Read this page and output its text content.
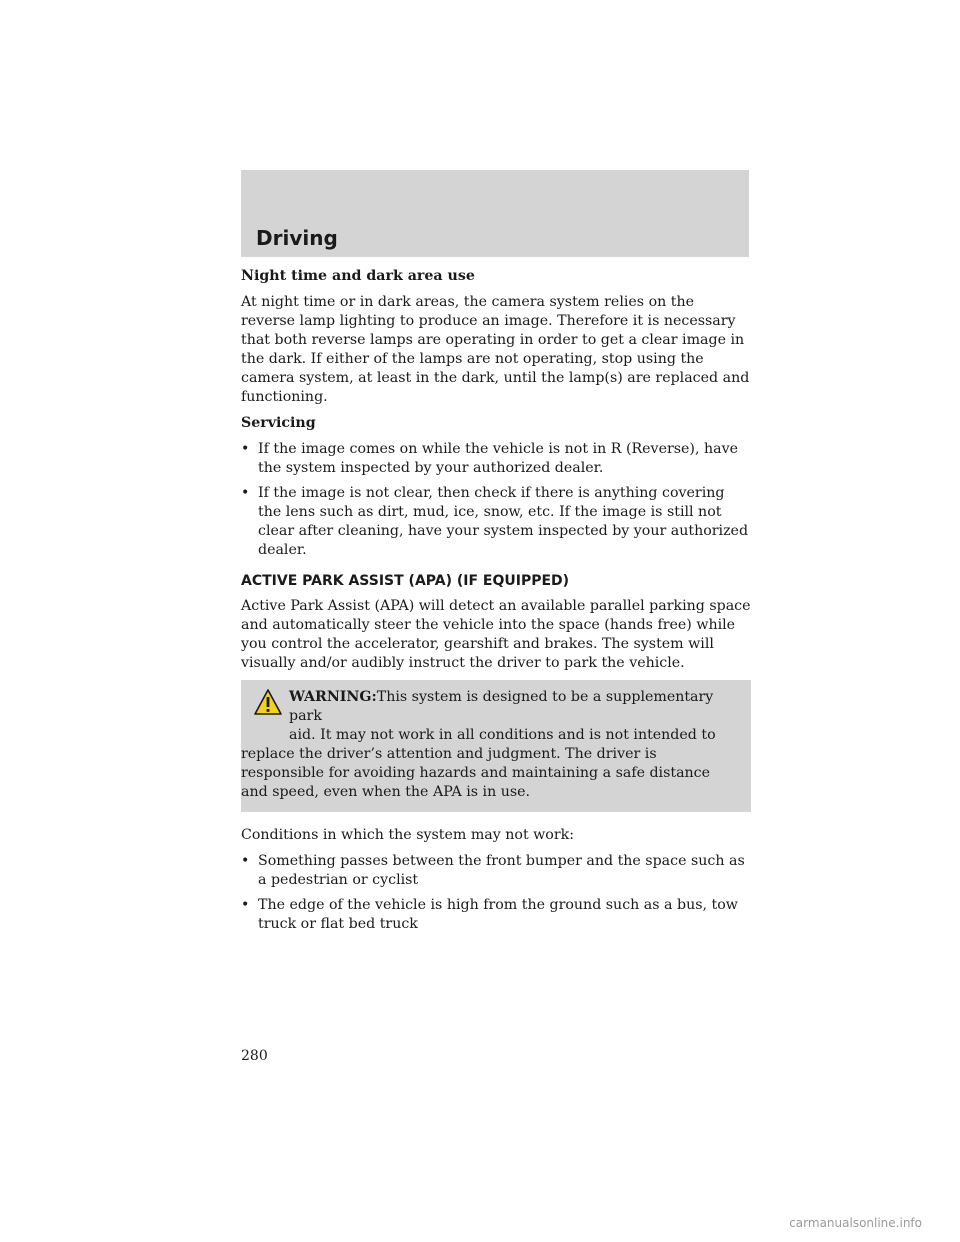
Driving

Night time and dark area use

At night time or in dark areas, the camera system relies on the reverse lamp lighting to produce an image. Therefore it is necessary that both reverse lamps are operating in order to get a clear image in the dark. If either of the lamps are not operating, stop using the camera system, at least in the dark, until the lamp(s) are replaced and functioning.

Servicing

• If the image comes on while the vehicle is not in R (Reverse), have the system inspected by your authorized dealer.
• If the image is not clear, then check if there is anything covering the lens such as dirt, mud, ice, snow, etc. If the image is still not clear after cleaning, have your system inspected by your authorized dealer.
ACTIVE PARK ASSIST (APA) (IF EQUIPPED)

Active Park Assist (APA) will detect an available parallel parking space and automatically steer the vehicle into the space (hands free) while you control the accelerator, gearshift and brakes. The system will visually and/or audibly instruct the driver to park the vehicle.

WARNING:This system is designed to be a supplementary park
aid. It may not work in all conditions and is not intended to
replace the driver’s attention and judgment. The driver is responsible for avoiding hazards and maintaining a safe distance and speed, even when the APA is in use.

Conditions in which the system may not work:

• Something passes between the front bumper and the space such as a pedestrian or cyclist
• The edge of the vehicle is high from the ground such as a bus, tow truck or flat bed truck
280
carmanualsonline.info
